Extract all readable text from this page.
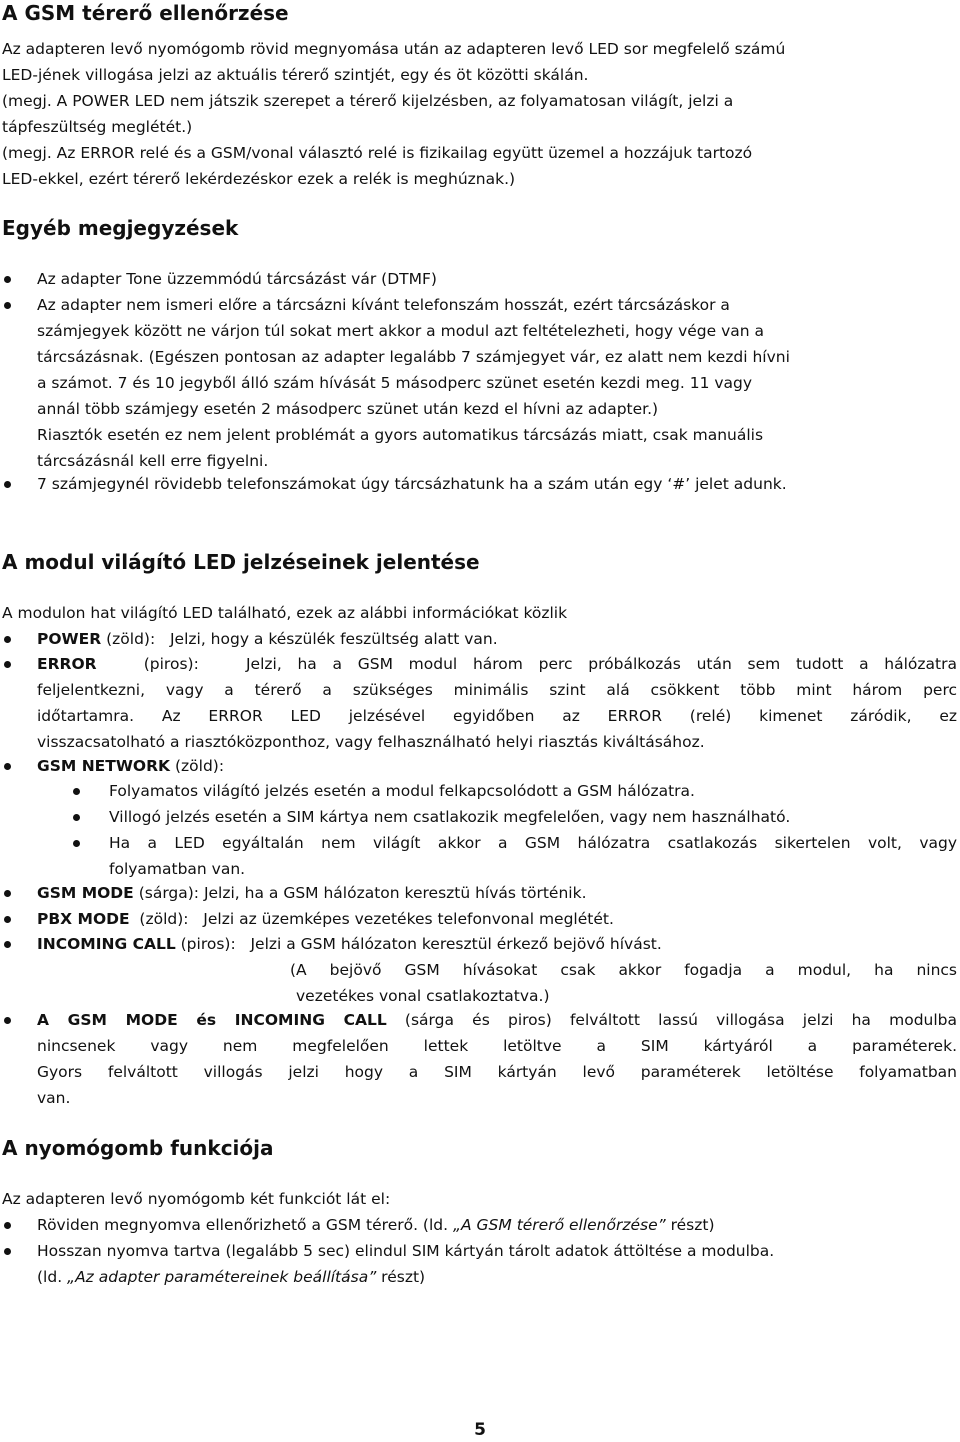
A GSM térerő ellenőrzése
Az adapteren levő nyomógomb rövid megnyomása után az adapteren levő LED sor megfelelő számú
LED-jének villogása jelzi az aktuális térerő szintjét, egy és öt közötti skálán.
(megj. A POWER LED nem játszik szerepet a térerő kijelzésben, az folyamatosan világít, jelzi a
tápfeszültség meglétét.)
(megj. Az ERROR relé és a GSM/vonal választó relé is fizikailag együtt üzemel a hozzájuk tartozó
LED-ekkel, ezért térerő lekérdezéskor ezek a relék is meghúznak.)
Egyéb megjegyzések
Az adapter Tone üzzemmódú tárcsázást vár (DTMF)
Az adapter nem ismeri előre a tárcsázni kívánt telefonszám hosszát, ezért tárcsázáskor a
számjegyek között ne várjon túl sokat mert akkor a modul azt feltételezheti, hogy vége van a
tárcsázásnak. (Egészen pontosan az adapter legalább 7 számjegyet vár, ez alatt nem kezdi hívni
a számot. 7 és 10 jegyből álló szám hívását 5 másodperc szünet esetén kezdi meg. 11 vagy
annál több számjegy esetén 2 másodperc szünet után kezd el hívni az adapter.)
Riasztók esetén ez nem jelent problémát a gyors automatikus tárcsázás miatt, csak manuális
tárcsázásnál kell erre figyelni.
7 számjegynél rövidebb telefonszámokat úgy tárcsázhatunk ha a szám után egy ‘#’ jelet adunk.
A modul világító LED jelzéseinek jelentése
A modulon hat világító LED található, ezek az alábbi információkat közlik
POWER (zöld):   Jelzi, hogy a készülék feszültség alatt van.
ERROR   (piros):   Jelzi, ha a GSM modul három perc próbálkozás után sem tudott a hálózatra
feljelentkezni, vagy a térerő a szükséges minimális szint alá csökkent több mint három perc
időtartamra. Az ERROR LED jelzésével egyidőben az ERROR (relé) kimenet záródik, ez
visszacsatolható a riasztóközponthoz, vagy felhasználható helyi riasztás kiváltásához.
GSM NETWORK (zöld):
Folyamatos világító jelzés esetén a modul felkapcsolódott a GSM hálózatra.
Villogó jelzés esetén a SIM kártya nem csatlakozik megfelelően, vagy nem használható.
Ha a LED egyáltalán nem világít akkor a GSM hálózatra csatlakozás sikertelen volt, vagy
folyamatban van.
GSM MODE (sárga): Jelzi, ha a GSM hálózaton keresztü hívás történik.
PBX MODE  (zöld):   Jelzi az üzemképes vezetékes telefonvonal meglétét.
INCOMING CALL (piros):   Jelzi a GSM hálózaton keresztül érkező bejövő hívást.
(A bejövő GSM hívásokat csak akkor fogadja a modul, ha nincs
vezetékes vonal csatlakoztatva.)
A GSM MODE és INCOMING CALL (sárga és piros) felváltott lassú villogása jelzi ha modulba
nincsenek vagy nem megfelelően lettek letöltve a SIM kártyáról a paraméterek.
Gyors felváltott villogás jelzi hogy a SIM kártyán levő paraméterek letöltése folyamatban
van.
A nyomógomb funkciója
Az adapteren levő nyomógomb két funkciót lát el:
Röviden megnyomva ellenőrizhető a GSM térerő. (ld. „A GSM térerő ellenőrzése” részt)
Hosszan nyomva tartva (legalább 5 sec) elindul SIM kártyán tárolt adatok áttöltése a modulba.
(ld. „Az adapter paramétereinek beállítása” részt)
5
